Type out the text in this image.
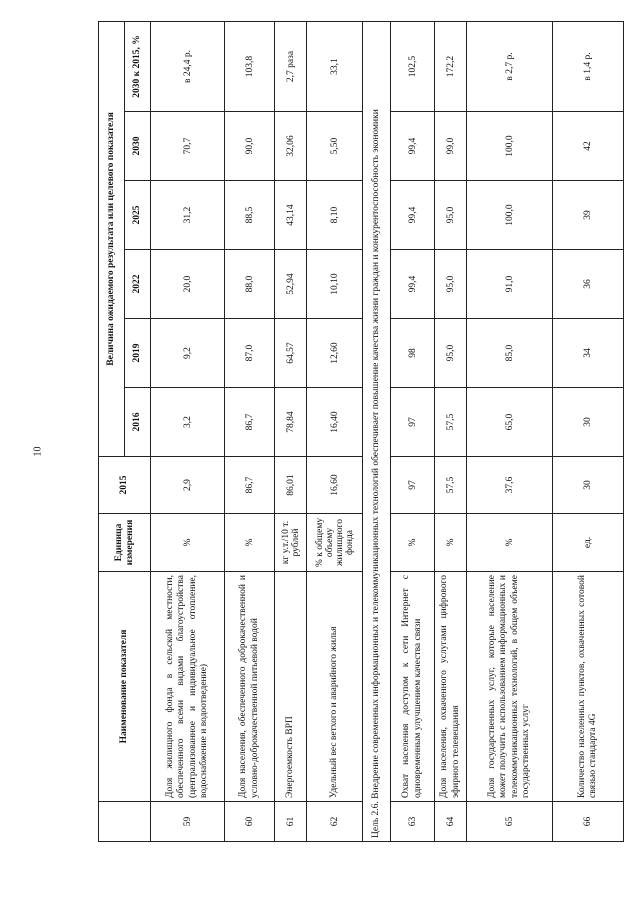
10
	Наименование показателя	Единица измерения	2015	Величина ожидаемого результата или целевого показателя					
				2016	2019	2022	2025	2030	2030 к 2015, %
59	Доля жилищного фонда в сельской местности, обеспеченного всеми видами благоустройства (централизованное и индивидуальное отопление, водоснабжение и водоотведение)	%	2,9	3,2	9,2	20,0	31,2	70,7	в 24,4 р.
60	Доля населения, обеспеченного доброкачественной и условно-доброкачественной питьевой водой	%	86,7	86,7	87,0	88,0	88,5	90,0	103,8
61	Энергоемкость ВРП	кг у.т./10 т. рублей	86,01	78,84	64,57	52,94	43,14	32,06	2,7 раза
62	Удельный вес ветхого и аварийного жилья	% к общему объему жилищного фонда	16,60	16,40	12,60	10,10	8,10	5,50	33,1
Цель 2.6. Внедрение современных информационных и телекоммуникационных технологий обеспечивает повышение качества жизни граждан и конкурентоспособность экономики									
63	Охват населения доступом к сети Интернет с одновременным улучшением качества связи	%	97	97	98	99,4	99,4	99,4	102,5
64	Доля населения, охваченного услугами цифрового эфирного телевещания	%	57,5	57,5	95,0	95,0	95,0	99,0	172,2
65	Доля государственных услуг, которые население может получить с использованием информационных и телекоммуникационных технологий, в общем объеме государственных услуг	%	37,6	65,0	85,0	91,0	100,0	100,0	в 2,7 р.
66	Количество населенных пунктов, охваченных сотовой связью стандарта 4G	ед.	30	30	34	36	39	42	в 1,4 р.
